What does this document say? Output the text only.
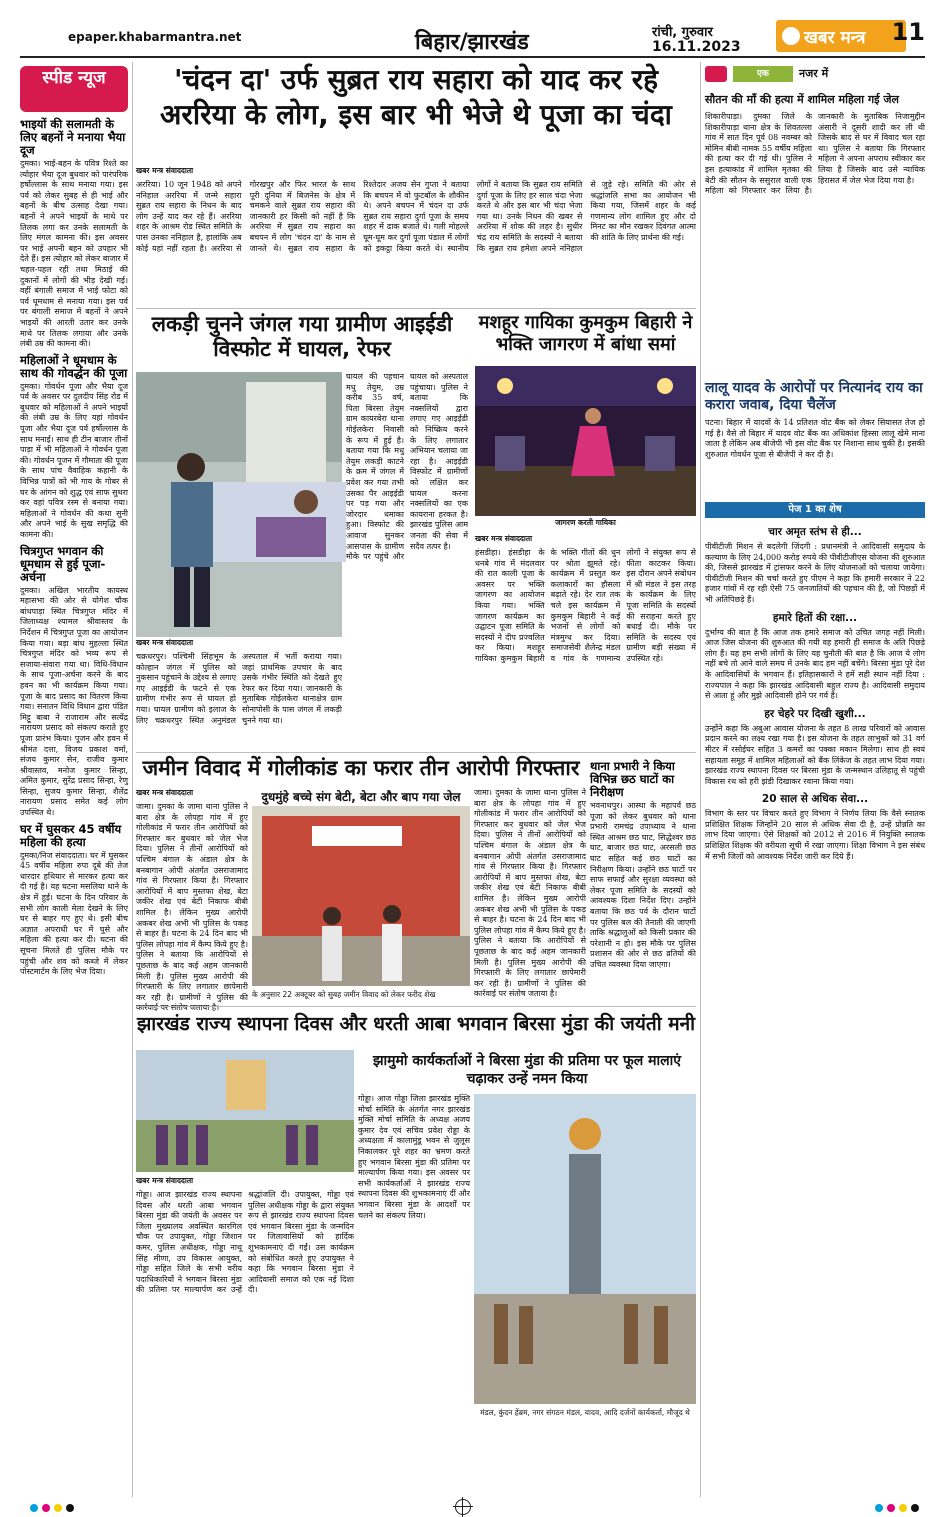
epaper.khabarmantra.net	बिहार/झारखंड	रांची, गुरुवार
16.11.2023	खबर मन्त्र	11
स्पीड न्यूज
भाइयों की सलामती के लिए बहनों ने मनाया भैया दूज
दुमका। भाई-बहन के पवित्र रिश्ते का त्योहार भैया दूज बुधवार को पारंपरिक हर्षोल्लास के साथ मनाया गया। इस पर्व को लेकर सुबह से ही भाई और बहनों के बीच उत्साह देखा गया। बहनों ने अपने भाइयों के माथे पर तिलक लगा कर उनके सलामती के लिए मंगल कामना की। इस अवसर पर भाई अपनी बहन को उपहार भी देते हैं। इस त्योहार को लेकर बाजार में चहल-पहल रही तथा मिठाई की दुकानों में लोगों की भीड़ देखी गई। वहीं बंगाली समाज में भाई फोटा को पर्व धूमधाम से मनाया गया। इस पर्व पर बंगाली समाज में बहनों ने अपने भाइयों की आरती उतार कर उनके माथे पर तिलक लगाया और उनके लंबी उम्र की कामना की।
महिलाओं ने धूमधाम के साथ की गोवर्द्धन की पूजा
दुमका। गोवर्धन पूजा और भैया दूज पर्व के अवसर पर दुलदीप सिंह रोड में बुधवार को महिलाओं ने अपने भाइयों की लंबी उम्र के लिए यहां गोवर्धन पूजा और भैया दूज पर्व हर्षोल्लास के साथ मनाई। साथ ही टीन बाजार तीनों पाड़ा में भी महिलाओं ने गोवर्धन पूजा की। गोवर्धन पूजन में गौमाता की पूजा के साथ पांच वैवाहिक कहानी के विभिन्न पात्रों को भी गाय के गोबर से घर के आंगन को शुद्ध एवं साफ सुथरा कर वहां पवित्र रस्म से बनाया गया। महिलाओं ने गोवर्धन की कथा सुनी और अपने भाई के सुख समृद्धि की कामना की।
चित्रगुप्त भगवान की धूमधाम से हुई पूजा-अर्चना
दुमका। अखिल भारतीय कायस्थ महासभा की ओर से योगेश चौक बांधपाड़ा स्थित चित्रगुप्त मंदिर में जिलाध्यक्ष श्यामल श्रीवास्तव के निर्देशन में चित्रगुप्त पूजा का आयोजन किया गया। बड़ा बांध मुहल्ला स्थित चित्रगुप्त मंदिर को भव्य रूप से सजाया-संवारा गया था। विधि-विधान के साथ पूजा-अर्चना करने के बाद हवन का भी कार्यक्रम किया गया। पूजा के बाद प्रसाद का वितरण किया गया। सनातन विधि विधान द्वारा पंडित मिट्टू बाबा ने राजाराम और सत्येंद्र नारायण प्रसाद को संकल्प कराते हुए पूजा प्रारंभ किया। पूजन और हवन में श्रीमंत दत्ता, विजय प्रकाश वर्मा, संजय कुमार सेन, राजीव कुमार श्रीवास्तव, मनोज कुमार सिन्हा, अमित कुमार, सुरेंद्र प्रसाद सिन्हा, रेणु सिन्हा, सुजय कुमार सिन्हा, शैलेंद्र नारायण प्रसाद समेत कई लोग उपस्थित थे।
घर में घुसकर 45 वर्षीय महिला की हत्या
दुमका/निज संवाददाता। घर में घुसकर 45 वर्षीय महिला रुपा दूबे की तेज धारदार हथियार से मारकर हत्या कर दी गई है। यह घटना मसलिया थाने के क्षेत्र में हुई। घटना के दिन परिवार के सभी लोग काली मेला देखने के लिए घर से बाहर गए हुए थे। इसी बीच अज्ञात अपराधी घर में घुसे और महिला की हत्या कर दी। घटना की सूचना मिलते ही पुलिस मौके पर पहुंची और शव को कब्जे में लेकर पोस्टमार्टम के लिए भेज दिया।
'चंदन दा' उर्फ सुब्रत राय सहारा को याद कर रहे अररिया के लोग, इस बार भी भेजे थे पूजा का चंदा
खबर मन्त्र संवाददाता
अररिया। 10 जून 1948 को अपने ननिहाल अररिया में जन्मे सहारा सुब्रत राय सहारा के निधन के बाद लोग उन्हें याद कर रहे हैं। अररिया शहर के आश्रम रोड स्थित समिति के पास उनका ननिहाल है, हालांकि अब कोई यहां नहीं रहता है। अररिया से गोरखपुर और फिर भारत के साथ पूरी दुनिया में बिजनेस के क्षेत्र में चमकने वाले सुब्रत राय सहारा की जानकारी हर किसी को नहीं है कि अररिया में सुब्रत राय सहारा का बचपन में लोग 'चंदन दा' के नाम से जानते थे। सुब्रत राय सहारा के रिश्तेदार अजय सेन गुप्ता ने बताया कि बचपन में वो फुटबॉल के शौकीन थे। अपने बचपन में चंदन दा उर्फ सुब्रत राय सहारा दुर्गा पूजा के समय शहर में ढाक बजाते थे। गली मोहल्ले घूम-घूम कर दुर्गा पूजा पंडाल में लोगों को इकट्ठा किया करते थे। स्थानीय लोगों ने बताया कि सुब्रत राय समिति दुर्गा पूजा के लिए हर साल चंदा भेजा करते थे और इस बार भी चंदा भेजा गया था। उनके निधन की खबर से अररिया में शोक की लहर है। सुधीर चंद्र राय समिति के सदस्यों ने बताया कि सुब्रत राय हमेशा अपने ननिहाल से जुड़े रहे। समिति की ओर से श्रद्धांजलि सभा का आयोजन भी किया गया, जिसमें शहर के कई गणमान्य लोग शामिल हुए और दो मिनट का मौन रखकर दिवंगत आत्मा की शांति के लिए प्रार्थना की गई।
लकड़ी चुनने जंगल गया ग्रामीण आइईडी विस्फोट में घायल, रेफर
खबर मन्त्र संवाददाता
चक्रधरपुर। पश्चिमी सिंहभूम के कोल्हान जंगल में पुलिस को नुकसान पहुंचाने के उद्देश्य से लगाए गए आइईडी के फटने से एक ग्रामीण गंभीर रूप से घायल हो गया। घायल ग्रामीण को इलाज के लिए चक्रधरपुर स्थित अनुमंडल अस्पताल में भर्ती कराया गया। जहां प्राथमिक उपचार के बाद उसके गंभीर स्थिति को देखते हुए रेफर कर दिया गया। जानकारी के मुताबिक गोईलकेरा थानाक्षेत्र ग्राम सोनापोसी के पास जंगल में लकड़ी चुनने गया था।
घायल की पहचान मधु तेयुम, उम्र करीब 35 वर्ष, पिता बिरसा तेयुम ग्राम कायरबेरा थाना गोईलकेरा निवासी के रूप में हुई है। बताया गया कि मधु तेयुम लकड़ी काटने के क्रम में जंगल में प्रवेश कर गया तभी उसका पैर आइईडी पर पड़ गया और जोरदार धमाका हुआ। विस्फोट की आवाज सुनकर आसपास के ग्रामीण मौके पर पहुंचे और घायल को अस्पताल पहुंचाया। पुलिस ने बताया कि नक्सलियों द्वारा लगाए गए आइईडी को निष्क्रिय करने के लिए लगातार अभियान चलाया जा रहा है। आइईडी विस्फोट में ग्रामीणों को लक्षित कर घायल करना नक्सलियों का एक कायराना हरकत है। झारखंड पुलिस आम जनता की सेवा में सदैव तत्पर है।
मशहूर गायिका कुमकुम बिहारी ने भक्ति जागरण में बांधा समां
जागरण करती गायिका
खबर मन्त्र संवाददाता
हंसडीहा। हंसडीहा के धनबे गांव में मंदलवार की रात काली पूजा के अवसर पर भक्ति जागरण का आयोजन किया गया। भक्ति जागरण कार्यक्रम का उद्घाटन पूजा समिति के सदस्यों ने दीप प्रज्वलित कर किया। मशहूर गायिका कुमकुम बिहारी के भक्ति गीतों की धुन पर श्रोता झूमते रहे। कार्यक्रम में प्रस्तुत कर कलाकारों का हौसला बढ़ाते रहे। देर रात तक चले इस कार्यक्रम में कुमकुम बिहारी ने कई भजनों से लोगों को मंत्रमुग्ध कर दिया। समाजसेवी शैलेन्द्र मंडल व गांव के गणमान्य लोगों ने संयुक्त रूप से फीता काटकर किया। इस दौरान अपने संबोधन में श्री मंडल ने इस तरह के कार्यक्रम के लिए पूजा समिति के सदस्यों की सराहना करते हुए बधाई दी। मौके पर समिति के सदस्य एवं ग्रामीण बड़ी संख्या में उपस्थित रहे।
जमीन विवाद में गोलीकांड का फरार तीन आरोपी गिरफ्तार
खबर मन्त्र संवाददाता
जामा। दुमका के जामा थाना पुलिस ने बारा क्षेत्र के लोपहा गांव में हुए गोलीकांड में फरार तीन आरोपियों को गिरफ्तार कर बुधवार को जेल भेज दिया। पुलिस ने तीनों आरोपियों को पश्चिम बंगाल के अंडाल क्षेत्र के बनबागान ओपी अंतर्गत उसराजामाद गांव से गिरफ्तार किया है। गिरफ्तार आरोपियों में बाप मुस्तफा शेख, बेटा जकीर शेख एवं बेटी निकाफ बीबी शामिल है। लेकिन मुख्य आरोपी अकबर शेख अभी भी पुलिस के पकड़ से बाहर है। घटना के 24 दिन बाद भी पुलिस लोपहा गांव में कैम्प किये हुए है। पुलिस ने बताया कि आरोपियों से पूछताछ के बाद कई अहम जानकारी मिली है। पुलिस मुख्य आरोपी की गिरफ्तारी के लिए लगातार छापेमारी कर रही है। ग्रामीणों ने पुलिस की कार्रवाई पर संतोष जताया है।
दुधमुंहे बच्चे संग बेटी, बेटा और बाप गया जेल
के अनुसार 22 अक्टूबर को सुबह जमीन विवाद को लेकर फरीद शेख
जामा। दुमका के जामा थाना पुलिस ने बारा क्षेत्र के लोपहा गांव में हुए गोलीकांड में फरार तीन आरोपियों को गिरफ्तार कर बुधवार को जेल भेज दिया। पुलिस ने तीनों आरोपियों को पश्चिम बंगाल के अंडाल क्षेत्र के बनबागान ओपी अंतर्गत उसराजामाद गांव से गिरफ्तार किया है। गिरफ्तार आरोपियों में बाप मुस्तफा शेख, बेटा जकीर शेख एवं बेटी निकाफ बीबी शामिल है। लेकिन मुख्य आरोपी अकबर शेख अभी भी पुलिस के पकड़ से बाहर है। घटना के 24 दिन बाद भी पुलिस लोपहा गांव में कैम्प किये हुए है। पुलिस ने बताया कि आरोपियों से पूछताछ के बाद कई अहम जानकारी मिली है। पुलिस मुख्य आरोपी की गिरफ्तारी के लिए लगातार छापेमारी कर रही है। ग्रामीणों ने पुलिस की कार्रवाई पर संतोष जताया है।
थाना प्रभारी ने किया विभिन्न छठ घाटों का निरीक्षण
भवनाथपुर। आस्था के महापर्व छठ पूजा को लेकर बुधवार को थाना प्रभारी रामचंद्र उपाध्याय ने थाना स्थित आश्रम छठ घाट, सिद्धेश्वर छठ घाट, बाजार छठ घाट, अरसली छठ घाट सहित कई छठ घाटों का निरीक्षण किया। उन्होंने छठ घाटों पर साफ सफाई और सुरक्षा व्यवस्था को लेकर पूजा समिति के सदस्यों को आवश्यक दिशा निर्देश दिए। उन्होंने बताया कि छठ पर्व के दौरान घाटों पर पुलिस बल की तैनाती की जाएगी ताकि श्रद्धालुओं को किसी प्रकार की परेशानी न हो। इस मौके पर पुलिस प्रशासन की ओर से छठ व्रतियों की उचित व्यवस्था दिया जाएगा।
झारखंड राज्य स्थापना दिवस और धरती आबा भगवान बिरसा मुंडा की जयंती मनी
झामुमो कार्यकर्ताओं ने बिरसा मुंडा की प्रतिमा पर फूल मालाएं चढ़ाकर उन्हें नमन किया
खबर मन्त्र संवाददाता
गोड्डा। आज झारखंड राज्य स्थापना दिवस और धरती आबा भगवान बिरसा मुंडा की जयंती के अवसर पर जिला मुख्यालय अवस्थित कारगिल चौक पर उपायुक्त, गोड्डा जिशान कमर, पुलिस अधीक्षक, गोड्डा नाथू सिंह मीणा, उप विकास आयुक्त, गोड्डा सहित जिले के सभी वरीय पदाधिकारियों ने भगवान बिरसा मुंडा की प्रतिमा पर माल्यार्पण कर उन्हें श्रद्धांजलि दी। उपायुक्त, गोड्डा एवं पुलिस अधीक्षक गोड्डा के द्वारा संयुक्त रूप से झारखंड राज्य स्थापना दिवस एवं भगवान बिरसा मुंडा के जन्मदिन पर जिलावासियों को हार्दिक शुभकामनाएं दी गईं। उस कार्यक्रम को संबोधित करते हुए उपायुक्त ने कहा कि भगवान बिरसा मुंडा ने आदिवासी समाज को एक नई दिशा दी।
गोड्डा। आज गोड्डा जिला झारखंड मुक्ति मोर्चा समिति के अंतर्गत नगर झारखंड मुक्ति मोर्चा समिति के अध्यक्ष अजय कुमार देव एवं सचिव प्रवेश रोड्डा के अध्यक्षता में कालामुंडू भवन से जुलूस निकालकर पूरे शहर का भ्रमण करते हुए भगवान बिरसा मुंडा की प्रतिमा पर माल्यार्पण किया गया। इस अवसर पर सभी कार्यकर्ताओं ने झारखंड राज्य स्थापना दिवस की शुभकामनाएं दीं और भगवान बिरसा मुंडा के आदर्शों पर चलने का संकल्प लिया।
मंडल, कुंदन हेंब्रम, नगर संगठन मंडल, यादव, आदि दर्जनों कार्यकर्ता, मौजूद थे
एक	नजर में
सौतन की माँ की हत्या में शामिल महिला गई जेल
शिकारीपाड़ा। दुमका जिले के शिकारीपाड़ा थाना क्षेत्र के शिवतल्ला गांव में सात दिन पूर्व 08 नवम्बर को मोमिन बीबी नामक 55 वर्षीय महिला की हत्या कर दी गई थी। पुलिस ने इस हत्याकांड में शामिल मृतका की बेटी की सौतन के ससुराल वाली एक महिला को गिरफ्तार कर लिया है। जानकारी के मुताबिक निजामुद्दीन अंसारी ने दूसरी शादी कर ली थी जिसके बाद से घर में विवाद चल रहा था। पुलिस ने बताया कि गिरफ्तार महिला ने अपना अपराध स्वीकार कर लिया है जिसके बाद उसे न्यायिक हिरासत में जेल भेज दिया गया है।
लालू यादव के आरोपों पर नित्यानंद राय का करारा जवाब, दिया चैलेंज
पटना। बिहार में यादवों के 14 प्रतिशत वोट बैंक को लेकर सियासत तेज हो गई है। वैसे तो बिहार में यादव वोट बैंक का अधिकांश हिस्सा लालू खेमे माना जाता है लेकिन अब बीजेपी भी इस वोट बैंक पर निशाना साध चुकी है। इसकी शुरुआत गोवर्धन पूजा से बीजेपी ने कर दी है।
पेज 1 का शेष
चार अमृत स्तंभ से ही...
पीवीटीजी मिशन से बदलेगी जिंदगी : प्रधानमंत्री ने आदिवासी समुदाय के कल्याण के लिए 24,000 करोड़ रुपये की पीवीटीजीएस योजना की शुरुआत की, जिससे झारखंड में ट्रांसफर करने के लिए योजनाओं को चलाया जायेगा। पीवीटीजी मिशन की चर्चा करते हुए पीएम ने कहा कि हमारी सरकार ने 22 हजार गांवों में रह रही ऐसी 75 जनजातियों की पहचान की है, जो पिछड़ों में भी अतिपिछड़े हैं।
हमारे हितों की रक्षा...
दुर्भाग्य की बात है कि आज तक हमारे समाज को उचित जगह नहीं मिली। आज जिस योजना की शुरुआत की गयी वह हमारी ही समाज के अति पिछड़े लोग हैं। यह हम सभी लोगों के लिए यह चुनौती की बात है कि आज ये लोग नहीं बचे तो आने वाले समय में उनके बाद हम नहीं बचेंगे। बिरसा मुंडा पूरे देश के आदिवासियों के भगवान हैं। इतिहासकारों ने हमें सही स्थान नहीं दिया : राज्यपाल ने कहा कि झारखंड आदिवासी बहुल राज्य है। आदिवासी समुदाय से आता हूं और मुझे आदिवासी होने पर गर्व है।
हर चेहरे पर दिखी खुशी...
उन्होंने कहा कि अबुआ आवास योजना के तहत 8 लाख परिवारों को आवास प्रदान करने का लक्ष्य रखा गया है। इस योजना के तहत लाभुकों को 31 वर्ग मीटर में रसोईघर सहित 3 कमरों का पक्का मकान मिलेगा। साथ ही स्वयं सहायता समूह में शामिल महिलाओं को बैंक लिंकेज के तहत लाभ दिया गया। झारखंड राज्य स्थापना दिवस पर बिरसा मुंडा के जन्मस्थान उलिहातू से पहुंची विकास रथ को हरी झंडी दिखाकर रवाना किया गया।
20 साल से अधिक सेवा...
विभाग के स्तर पर विचार करते हुए विभाग ने निर्णय लिया कि वैसे स्नातक प्रशिक्षित शिक्षक जिन्होंने 20 साल से अधिक सेवा दी है, उन्हें प्रोन्नति का लाभ दिया जाएगा। ऐसे शिक्षकों को 2012 से 2016 में नियुक्ति स्नातक प्रशिक्षित शिक्षक की वरीयता सूची में रखा जाएगा। शिक्षा विभाग ने इस संबंध में सभी जिलों को आवश्यक निर्देश जारी कर दिये हैं।
